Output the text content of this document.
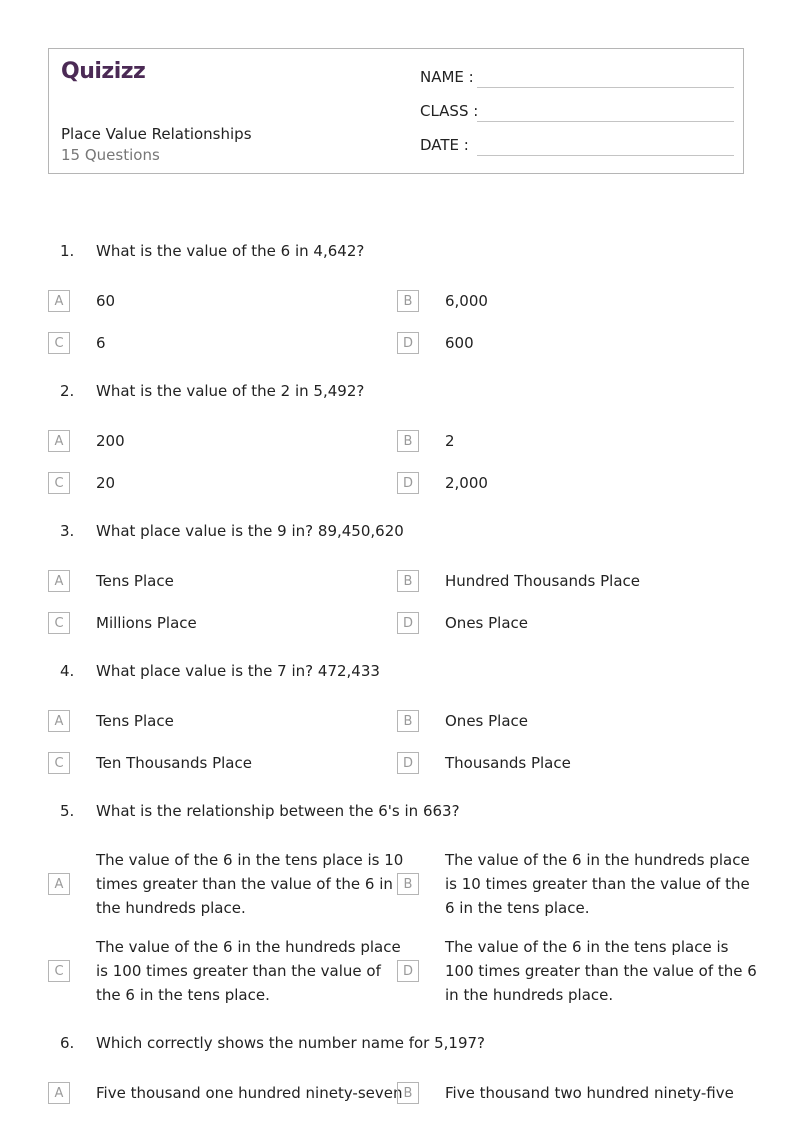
Quizizz
Place Value Relationships
15 Questions
NAME :
CLASS :
DATE :
1. What is the value of the 6 in 4,642?
A	60	B	6,000
C	6	D	600
2. What is the value of the 2 in 5,492?
A	200	B	2
C	20	D	2,000
3. What place value is the 9 in? 89,450,620
A	Tens Place	B	Hundred Thousands Place
C	Millions Place	D	Ones Place
4. What place value is the 7 in? 472,433
A	Tens Place	B	Ones Place
C	Ten Thousands Place	D	Thousands Place
5. What is the relationship between the 6's in 663?
A
The value of the 6 in the tens place is 10
times greater than the value of the 6 in
the hundreds place.
B
The value of the 6 in the hundreds place
is 10 times greater than the value of the
6 in the tens place.
C
The value of the 6 in the hundreds place
is 100 times greater than the value of
the 6 in the tens place.
D
The value of the 6 in the tens place is
100 times greater than the value of the 6
in the hundreds place.
6. Which correctly shows the number name for 5,197?
A	Five thousand one hundred ninety-seven B	Five thousand two hundred ninety-five
